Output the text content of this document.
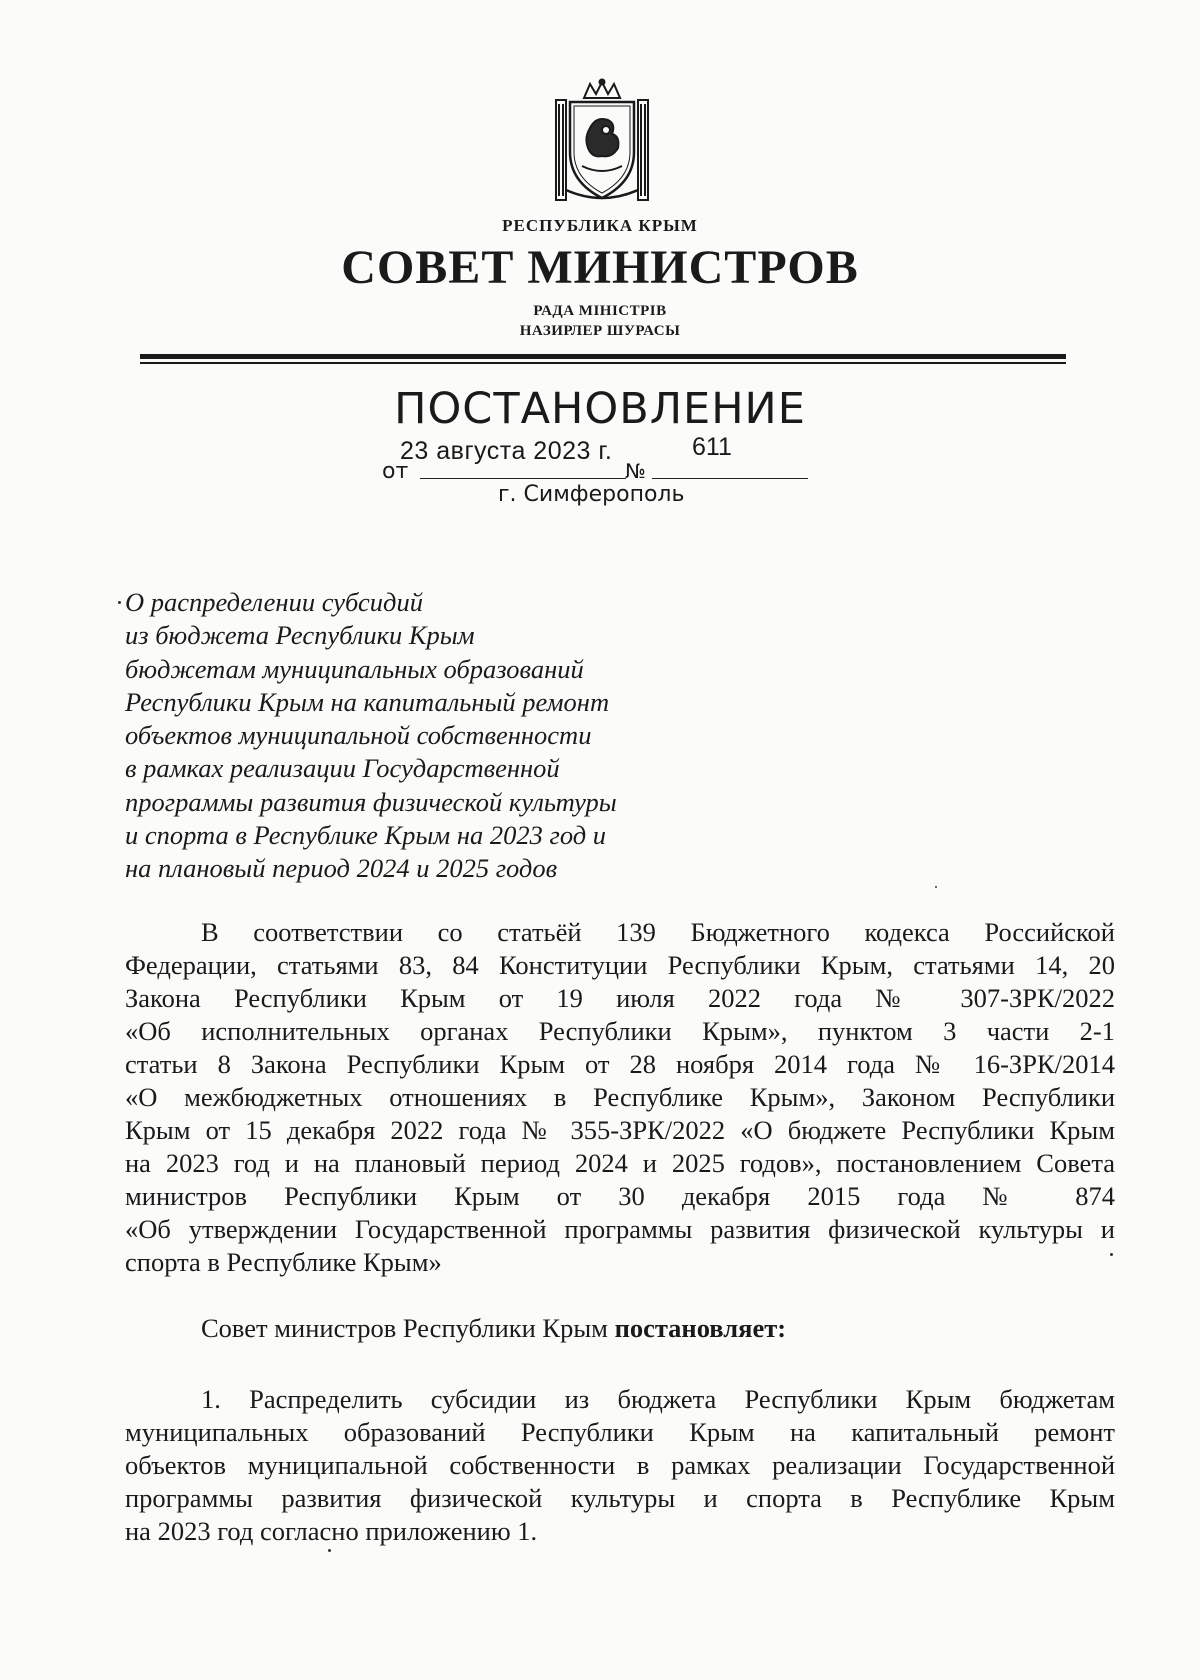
РЕСПУБЛИКА КРЫМ
СОВЕТ МИНИСТРОВ
РАДА МІНІСТРІВ
НАЗИРЛЕР ШУРАСЫ
ПОСТАНОВЛЕНИЕ
23 августа 2023 г.	611
от	№
г. Симферополь
О распределении субсидий
из бюджета Республики Крым
бюджетам муниципальных образований
Республики Крым на капитальный ремонт
объектов муниципальной собственности
в рамках реализации Государственной
программы развития физической культуры
и спорта в Республике Крым на 2023 год и
на плановый период 2024 и 2025 годов
В соответствии со статьёй 139 Бюджетного кодекса Российской
Федерации, статьями 83, 84 Конституции Республики Крым, статьями 14, 20
Закона Республики Крым от 19 июля 2022 года № 307-ЗРК/2022
«Об исполнительных органах Республики Крым», пунктом 3 части 2-1
статьи 8 Закона Республики Крым от 28 ноября 2014 года № 16-ЗРК/2014
«О межбюджетных отношениях в Республике Крым», Законом Республики
Крым от 15 декабря 2022 года № 355-ЗРК/2022 «О бюджете Республики Крым
на 2023 год и на плановый период 2024 и 2025 годов», постановлением Совета
министров Республики Крым от 30 декабря 2015 года № 874
«Об утверждении Государственной программы развития физической культуры и
спорта в Республике Крым»
Совет министров Республики Крым постановляет:
1. Распределить субсидии из бюджета Республики Крым бюджетам
муниципальных образований Республики Крым на капитальный ремонт
объектов муниципальной собственности в рамках реализации Государственной
программы развития физической культуры и спорта в Республике Крым
на 2023 год согласно приложению 1.
